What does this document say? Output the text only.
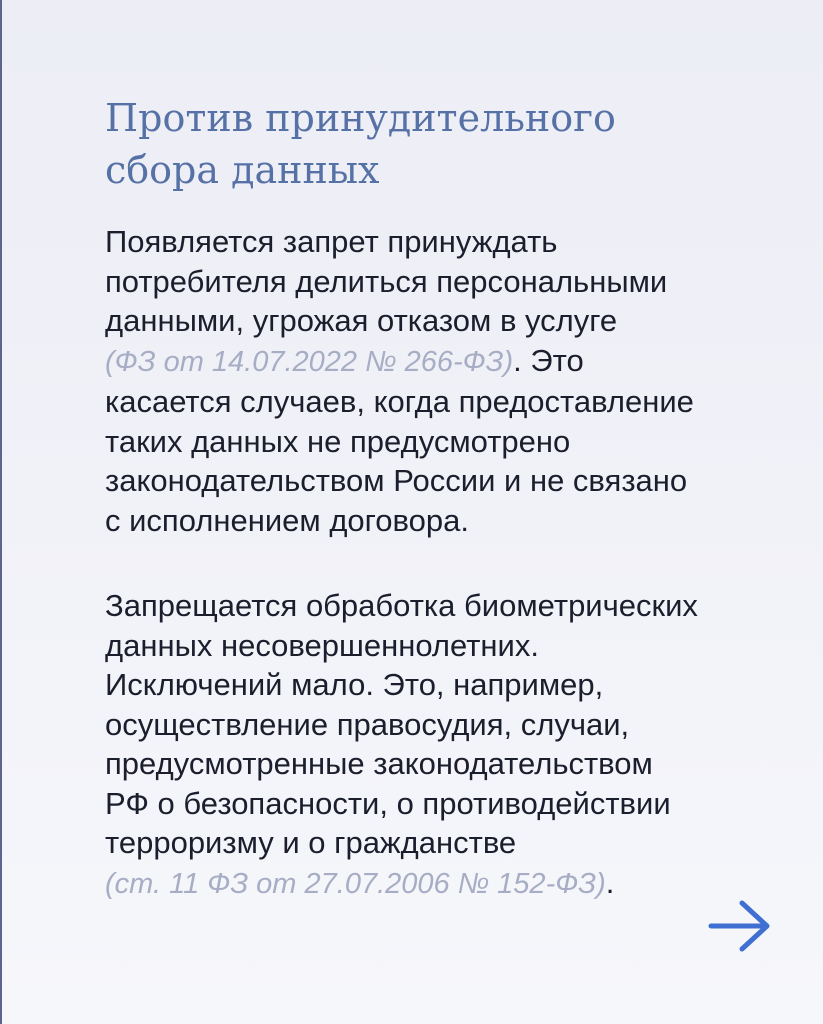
Против принудительного
сбора данных

Появляется запрет принуждать
потребителя делиться персональными
данными, угрожая отказом в услуге
(ФЗ от 14.07.2022 № 266-ФЗ). Это
касается случаев, когда предоставление
таких данных не предусмотрено
законодательством России и не связано
с исполнением договора.

Запрещается обработка биометрических
данных несовершеннолетних.
Исключений мало. Это, например,
осуществление правосудия, случаи,
предусмотренные законодательством
РФ о безопасности, о противодействии
терроризму и о гражданстве
(ст. 11 ФЗ от 27.07.2006 № 152-ФЗ).
